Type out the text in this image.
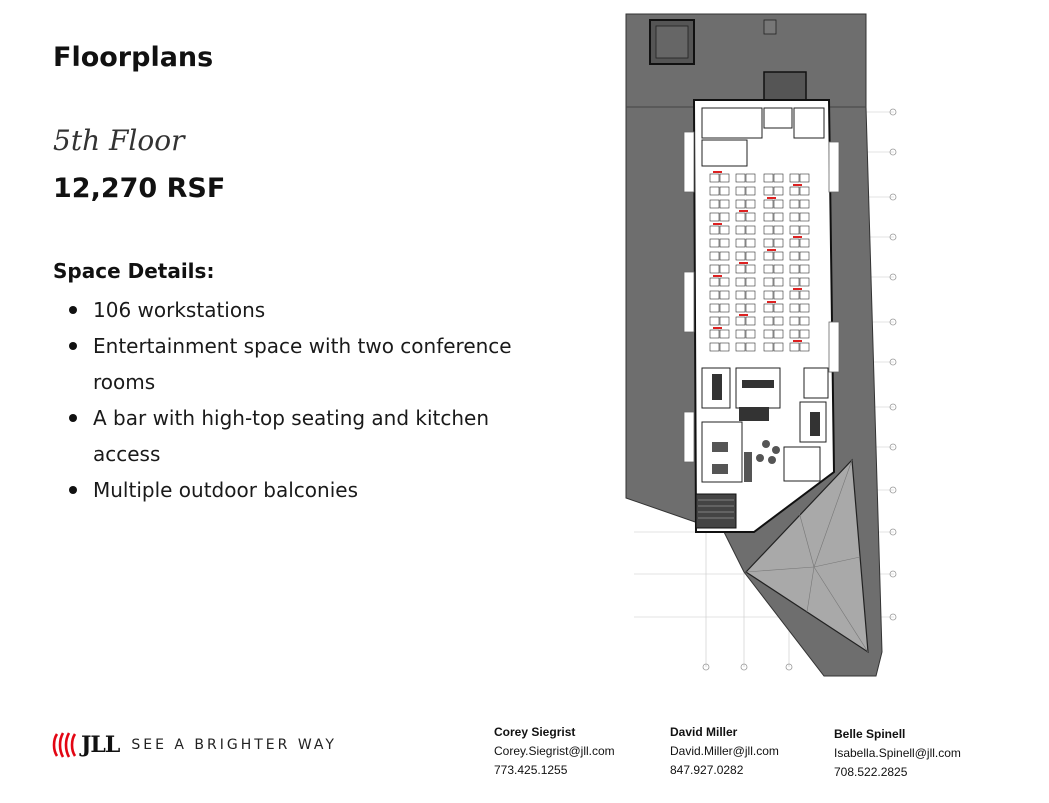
Floorplans
5th Floor
12,270 RSF
Space Details:
106 workstations
Entertainment space with two conference rooms
A bar with high-top seating and kitchen access
Multiple outdoor balconies
JLL SEE A BRIGHTER WAY
Corey Siegrist
Corey.Siegrist@jll.com
773.425.1255
David Miller
David.Miller@jll.com
847.927.0282
Belle Spinell
Isabella.Spinell@jll.com
708.522.2825
